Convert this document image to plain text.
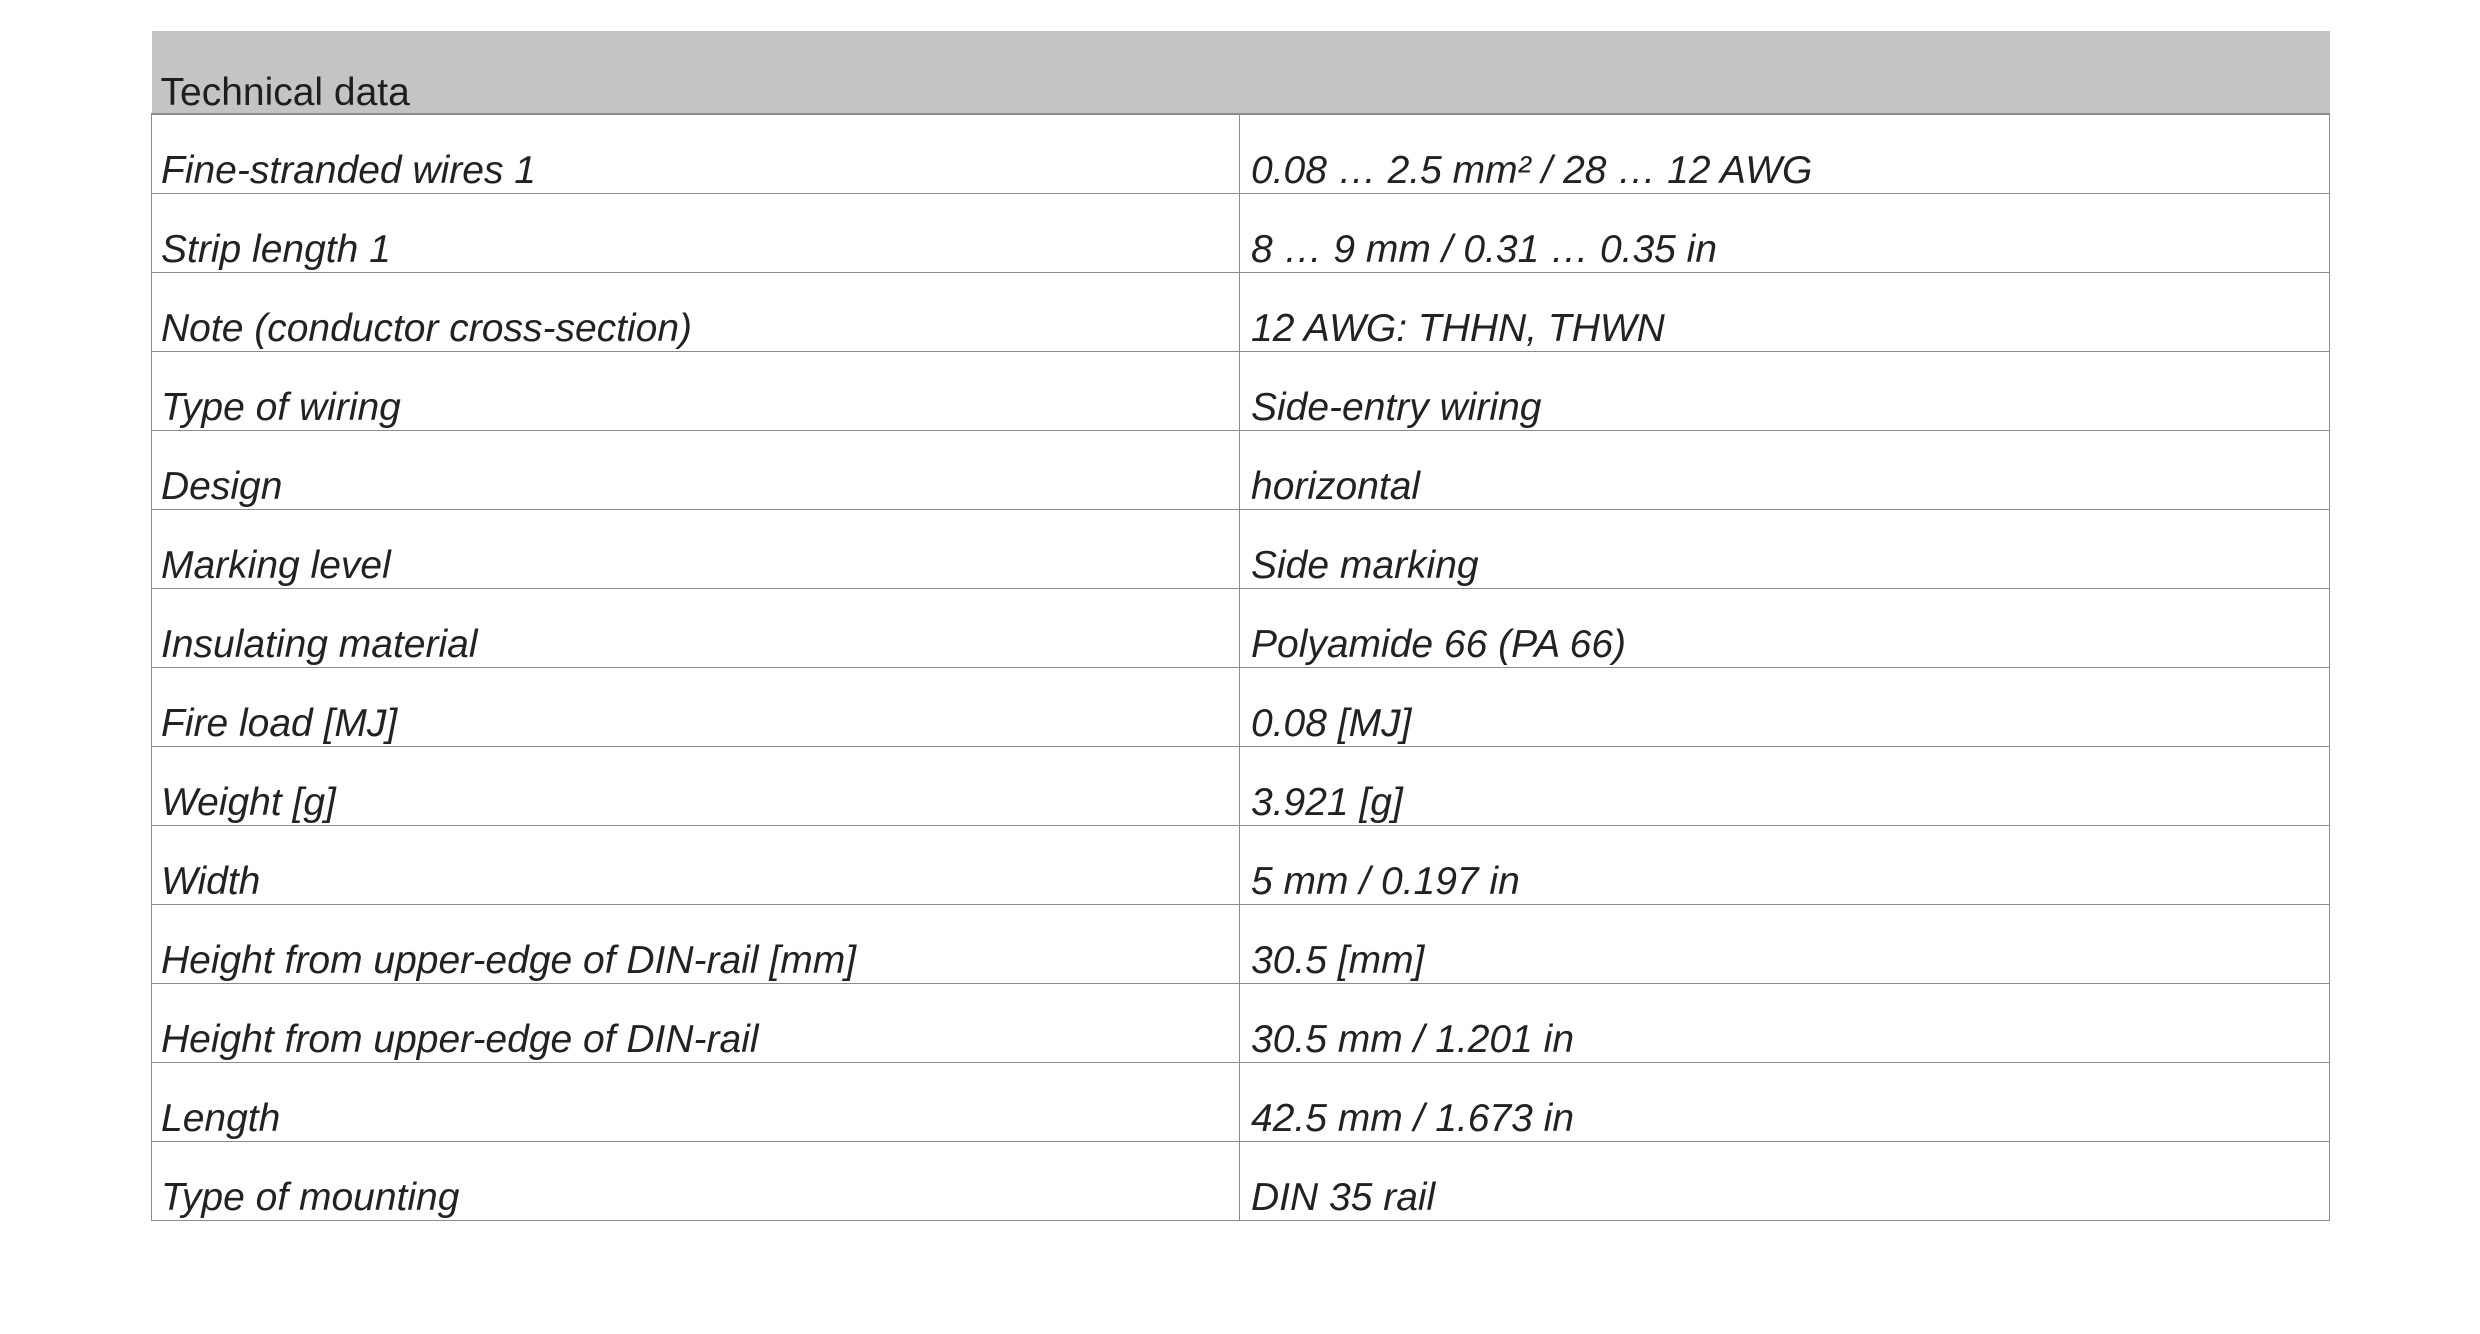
Technical data	
Fine-stranded wires 1	0.08 … 2.5 mm² / 28 … 12 AWG
Strip length 1	8 … 9 mm / 0.31 … 0.35 in
Note (conductor cross-section)	12 AWG: THHN, THWN
Type of wiring	Side-entry wiring
Design	horizontal
Marking level	Side marking
Insulating material	Polyamide 66 (PA 66)
Fire load [MJ]	0.08 [MJ]
Weight [g]	3.921 [g]
Width	5 mm / 0.197 in
Height from upper-edge of DIN-rail [mm]	30.5 [mm]
Height from upper-edge of DIN-rail	30.5 mm / 1.201 in
Length	42.5 mm / 1.673 in
Type of mounting	DIN 35 rail
